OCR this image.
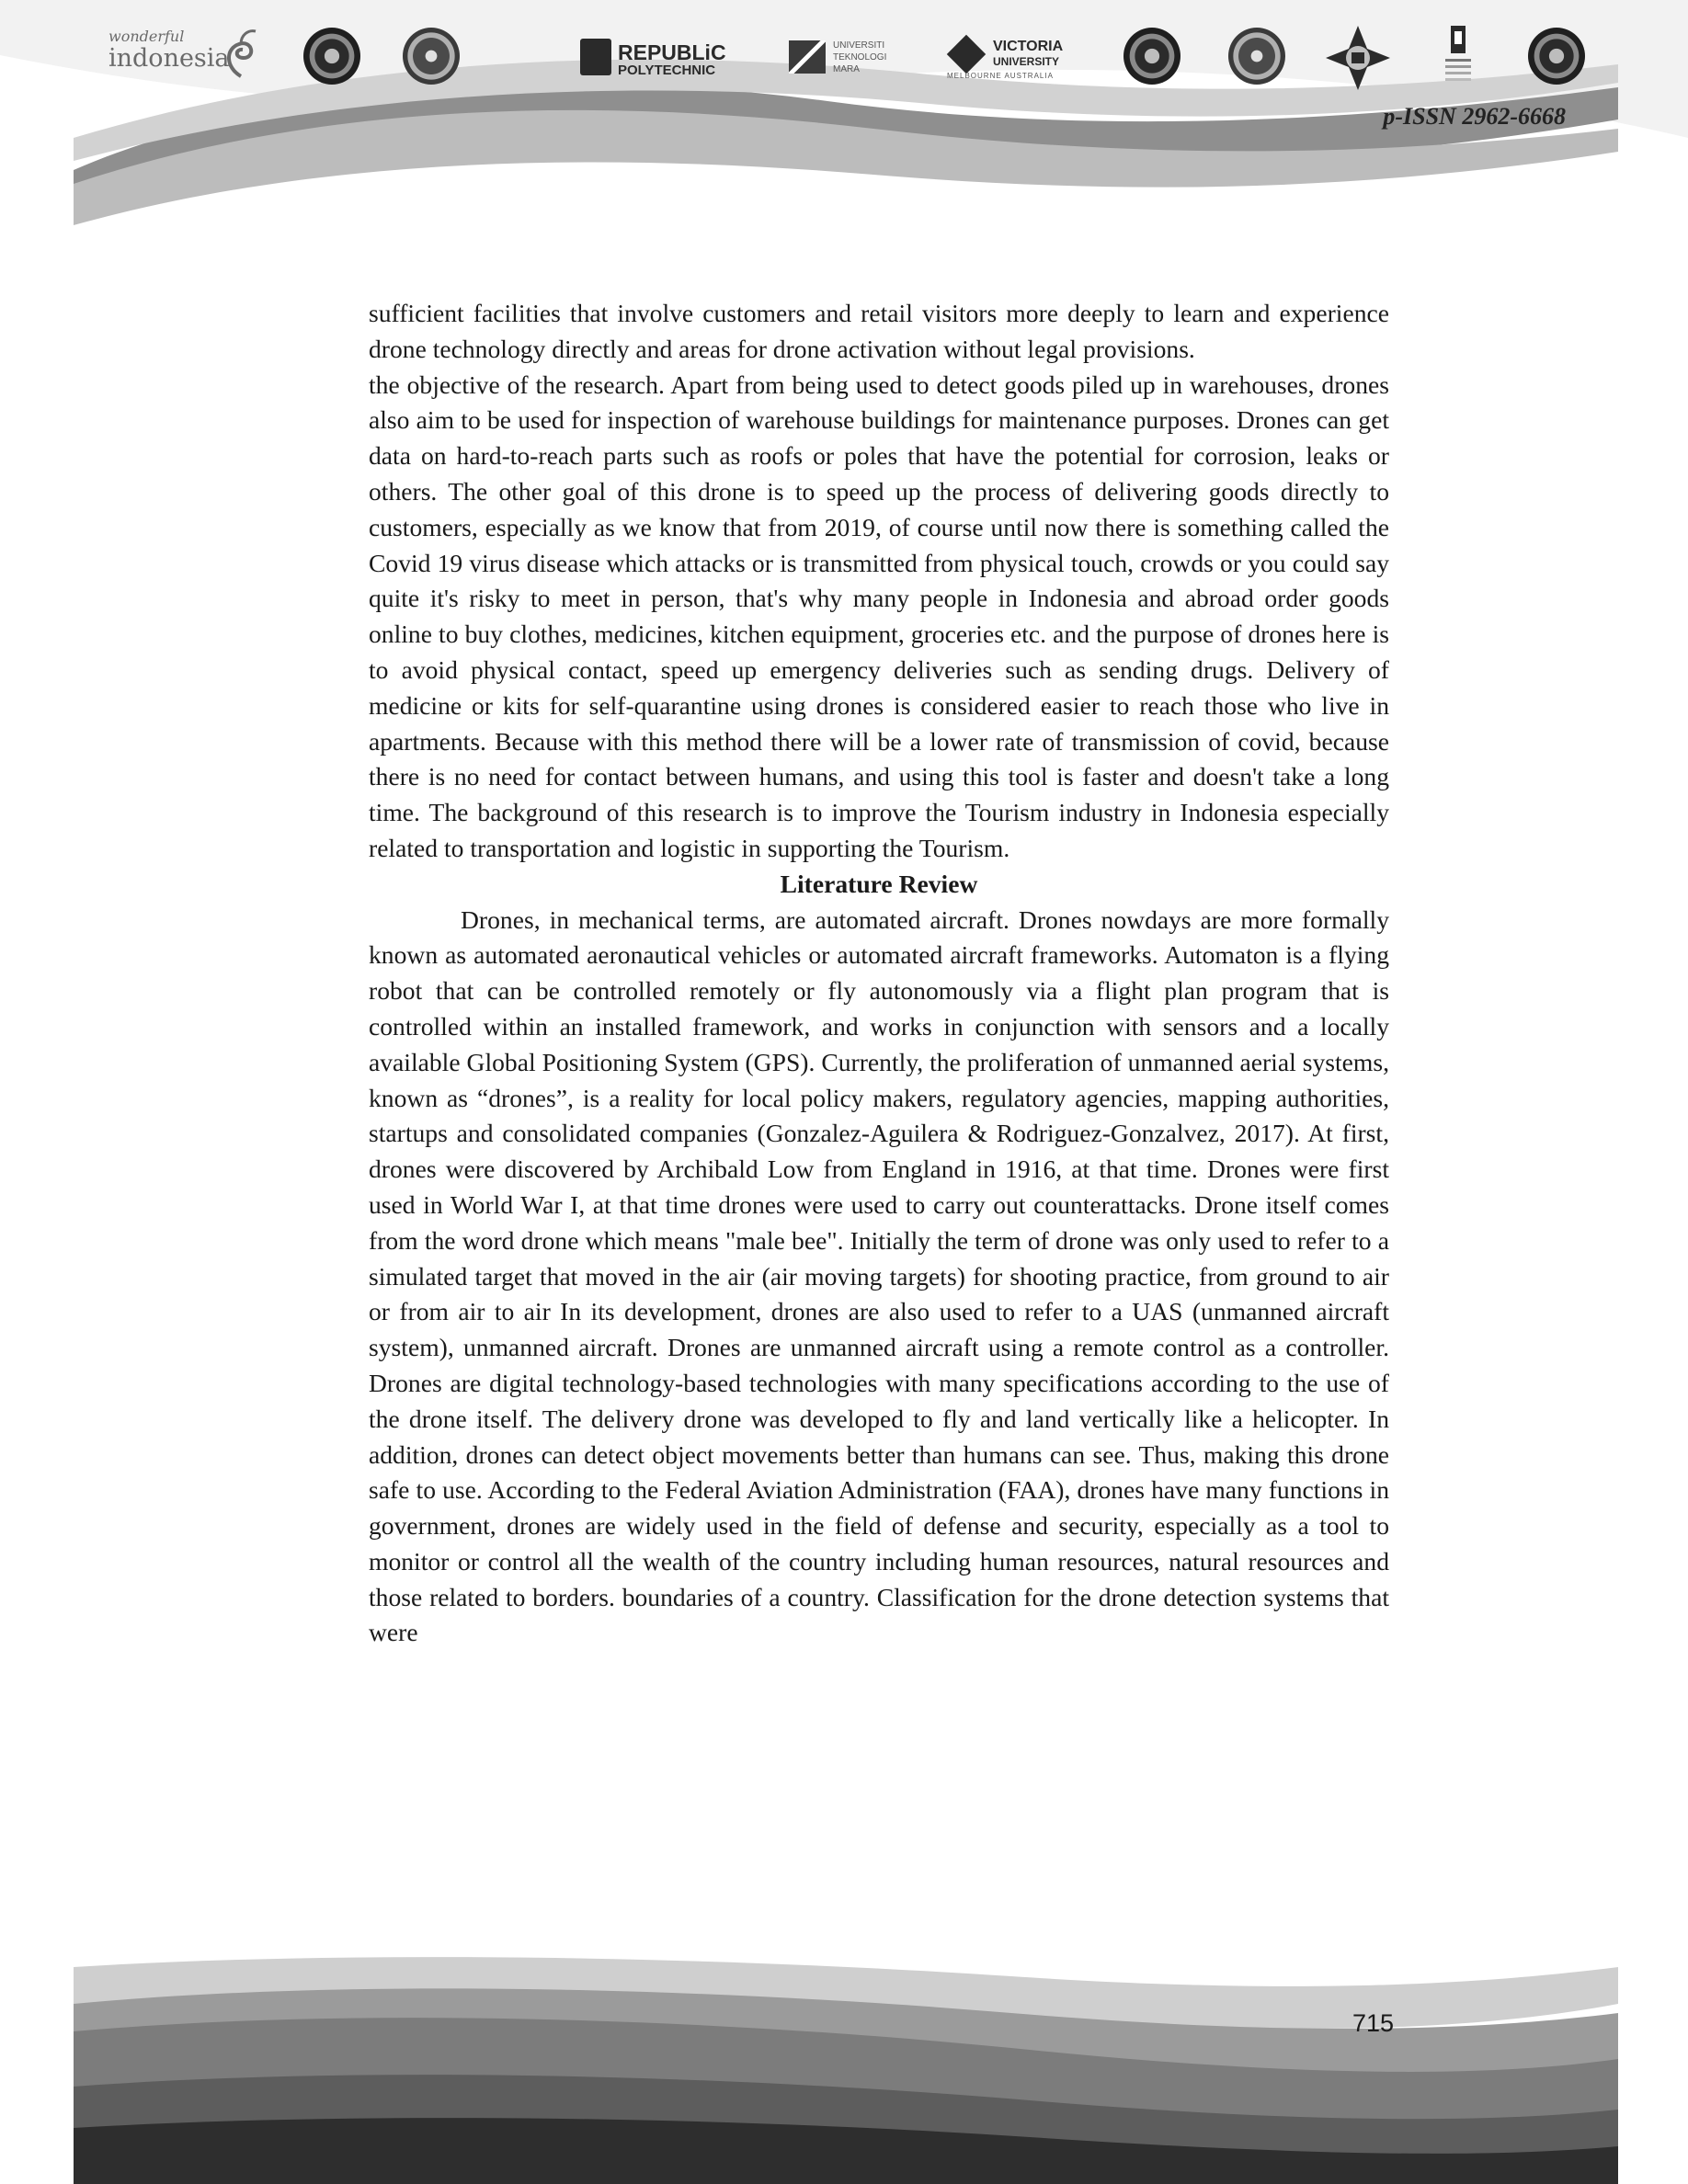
wonderful
indonesia	REPUBLiC
POLYTECHNIC
UNIVERSITI
TEKNOLOGI
MARA
VICTORIA
UNIVERSITY
MELBOURNE AUSTRALIA
p-ISSN 2962-6668

sufficient facilities that involve customers and retail visitors more deeply to learn and experience drone technology directly and areas for drone activation without legal provisions.

the objective of the research. Apart from being used to detect goods piled up in warehouses, drones also aim to be used for inspection of warehouse buildings for maintenance purposes. Drones can get data on hard-to-reach parts such as roofs or poles that have the potential for corrosion, leaks or others. The other goal of this drone is to speed up the process of delivering goods directly to customers, especially as we know that from 2019, of course until now there is something called the Covid 19 virus disease which attacks or is transmitted from physical touch, crowds or you could say quite it's risky to meet in person, that's why many people in Indonesia and abroad order goods online to buy clothes, medicines, kitchen equipment, groceries etc. and the purpose of drones here is to avoid physical contact, speed up emergency deliveries such as sending drugs. Delivery of medicine or kits for self-quarantine using drones is considered easier to reach those who live in apartments. Because with this method there will be a lower rate of transmission of covid, because there is no need for contact between humans, and using this tool is faster and doesn't take a long time. The background of this research is to improve the Tourism industry in Indonesia especially related to transportation and logistic in supporting the Tourism.

Literature Review

Drones, in mechanical terms, are automated aircraft. Drones nowdays are more formally known as automated aeronautical vehicles or automated aircraft frameworks. Automaton is a flying robot that can be controlled remotely or fly autonomously via a flight plan program that is controlled within an installed framework, and works in conjunction with sensors and a locally available Global Positioning System (GPS). Currently, the proliferation of unmanned aerial systems, known as “drones”, is a reality for local policy makers, regulatory agencies, mapping authorities, startups and consolidated companies (Gonzalez-Aguilera & Rodriguez-Gonzalvez, 2017). At first, drones were discovered by Archibald Low from England in 1916, at that time. Drones were first used in World War I, at that time drones were used to carry out counterattacks. Drone itself comes from the word drone which means "male bee". Initially the term of drone was only used to refer to a simulated target that moved in the air (air moving targets) for shooting practice, from ground to air or from air to air In its development, drones are also used to refer to a UAS (unmanned aircraft system), unmanned aircraft. Drones are unmanned aircraft using a remote control as a controller. Drones are digital technology-based technologies with many specifications according to the use of the drone itself. The delivery drone was developed to fly and land vertically like a helicopter. In addition, drones can detect object movements better than humans can see. Thus, making this drone safe to use. According to the Federal Aviation Administration (FAA), drones have many functions in government, drones are widely used in the field of defense and security, especially as a tool to monitor or control all the wealth of the country including human resources, natural resources and those related to borders. boundaries of a country. Classification for the drone detection systems that were

715
